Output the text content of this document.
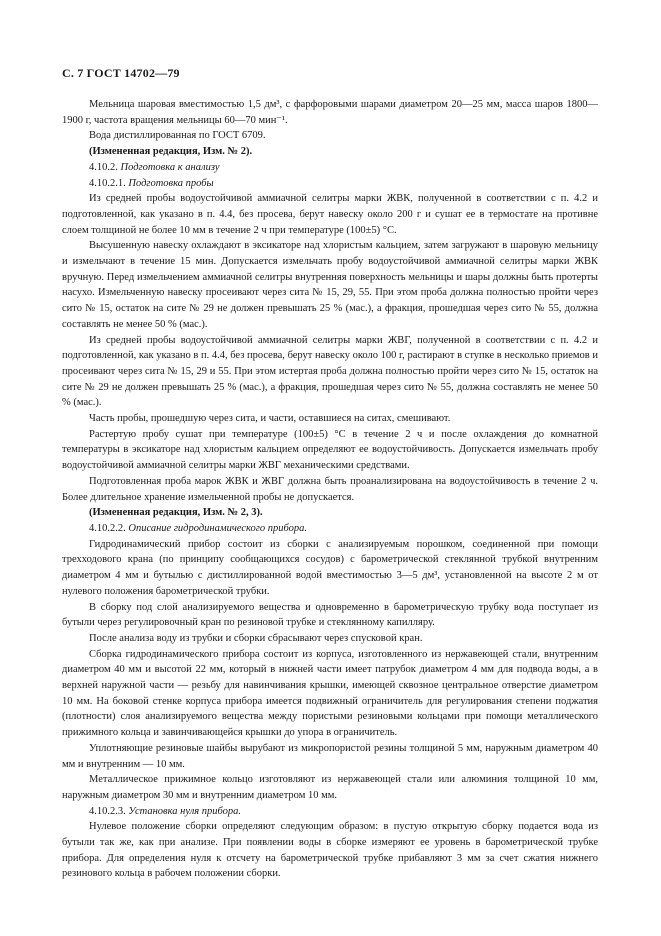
С. 7 ГОСТ 14702—79

Мельница шаровая вместимостью 1,5 дм³, с фарфоровыми шарами диаметром 20—25 мм, масса шаров 1800—1900 г, частота вращения мельницы 60—70 мин⁻¹.

Вода дистиллированная по ГОСТ 6709.

(Измененная редакция, Изм. № 2).

4.10.2. Подготовка к анализу

4.10.2.1. Подготовка пробы

Из средней пробы водоустойчивой аммиачной селитры марки ЖВК, полученной в соответствии с п. 4.2 и подготовленной, как указано в п. 4.4, без просева, берут навеску около 200 г и сушат ее в термостате на противне слоем толщиной не более 10 мм в течение 2 ч при температуре (100±5) °С.

Высушенную навеску охлаждают в эксикаторе над хлористым кальцием, затем загружают в шаровую мельницу и измельчают в течение 15 мин. Допускается измельчать пробу водоустойчивой аммиачной селитры марки ЖВК вручную. Перед измельчением аммиачной селитры внутренняя поверхность мельницы и шары должны быть протерты насухо. Измельченную навеску просеивают через сита № 15, 29, 55. При этом проба должна полностью пройти через сито № 15, остаток на сите № 29 не должен превышать 25 % (мас.), а фракция, прошедшая через сито № 55, должна составлять не менее 50 % (мас.).

Из средней пробы водоустойчивой аммиачной селитры марки ЖВГ, полученной в соответствии с п. 4.2 и подготовленной, как указано в п. 4.4, без просева, берут навеску около 100 г, растирают в ступке в несколько приемов и просеивают через сита № 15, 29 и 55. При этом истертая проба должна полностью пройти через сито № 15, остаток на сите № 29 не должен превышать 25 % (мас.), а фракция, прошедшая через сито № 55, должна составлять не менее 50 % (мас.).

Часть пробы, прошедшую через сита, и части, оставшиеся на ситах, смешивают.

Растертую пробу сушат при температуре (100±5) °С в течение 2 ч и после охлаждения до комнатной температуры в эксикаторе над хлористым кальцием определяют ее водоустойчивость. Допускается измельчать пробу водоустойчивой аммиачной селитры марки ЖВГ механическими средствами.

Подготовленная проба марок ЖВК и ЖВГ должна быть проанализирована на водоустойчивость в течение 2 ч. Более длительное хранение измельченной пробы не допускается.

(Измененная редакция, Изм. № 2, 3).

4.10.2.2. Описание гидродинамического прибора.

Гидродинамический прибор состоит из сборки с анализируемым порошком, соединенной при помощи трехходового крана (по принципу сообщающихся сосудов) с барометрической стеклянной трубкой внутренним диаметром 4 мм и бутылью с дистиллированной водой вместимостью 3—5 дм³, установленной на высоте 2 м от нулевого положения барометрической трубки.

В сборку под слой анализируемого вещества и одновременно в барометрическую трубку вода поступает из бутыли через регулировочный кран по резиновой трубке и стеклянному капилляру.

После анализа воду из трубки и сборки сбрасывают через спусковой кран.

Сборка гидродинамического прибора состоит из корпуса, изготовленного из нержавеющей стали, внутренним диаметром 40 мм и высотой 22 мм, который в нижней части имеет патрубок диаметром 4 мм для подвода воды, а в верхней наружной части — резьбу для навинчивания крышки, имеющей сквозное центральное отверстие диаметром 10 мм. На боковой стенке корпуса прибора имеется подвижный ограничитель для регулирования степени поджатия (плотности) слоя анализируемого вещества между пористыми резиновыми кольцами при помощи металлического прижимного кольца и завинчивающейся крышки до упора в ограничитель.

Уплотняющие резиновые шайбы вырубают из микропористой резины толщиной 5 мм, наружным диаметром 40 мм и внутренним — 10 мм.

Металлическое прижимное кольцо изготовляют из нержавеющей стали или алюминия толщиной 10 мм, наружным диаметром 30 мм и внутренним диаметром 10 мм.

4.10.2.3. Установка нуля прибора.

Нулевое положение сборки определяют следующим образом: в пустую открытую сборку подается вода из бутыли так же, как при анализе. При появлении воды в сборке измеряют ее уровень в барометрической трубке прибора. Для определения нуля к отсчету на барометрической трубке прибавляют 3 мм за счет сжатия нижнего резинового кольца в рабочем положении сборки.
